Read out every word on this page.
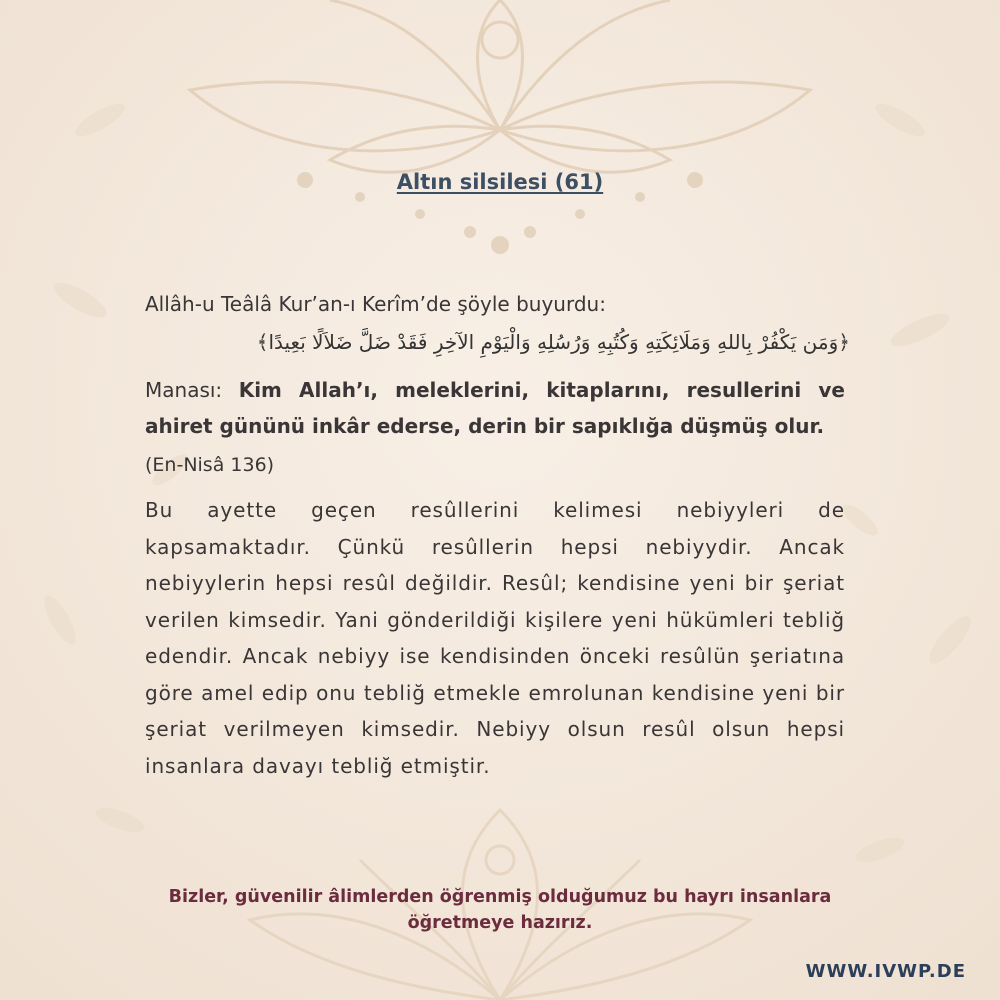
Altın silsilesi (61)
Allâh-u Teâlâ Kur’an-ı Kerîm’de şöyle buyurdu:
﴿وَمَن يَكْفُرْ بِاللهِ وَمَلَائِكَتِهِ وَكُتُبِهِ وَرُسُلِهِ وَالْيَوْمِ الآخِرِ فَقَدْ ضَلَّ ضَلاَلًا بَعِيدًا﴾
Manası: Kim Allah’ı, meleklerini, kitaplarını, resullerini ve ahiret gününü inkâr ederse, derin bir sapıklığa düşmüş olur.
(En-Nisâ 136)
Bu ayette geçen resûllerini kelimesi nebiyyleri de kapsamaktadır. Çünkü resûllerin hepsi nebiyydir. Ancak nebiyylerin hepsi resûl değildir. Resûl; kendisine yeni bir şeriat verilen kimsedir. Yani gönderildiği kişilere yeni hükümleri tebliğ edendir. Ancak nebiyy ise kendisinden önceki resûlün şeriatına göre amel edip onu tebliğ etmekle emrolunan kendisine yeni bir şeriat verilmeyen kimsedir. Nebiyy olsun resûl olsun hepsi insanlara davayı tebliğ etmiştir.
Bizler, güvenilir âlimlerden öğrenmiş olduğumuz bu hayrı insanlara
öğretmeye hazırız.
WWW.IVWP.DE
